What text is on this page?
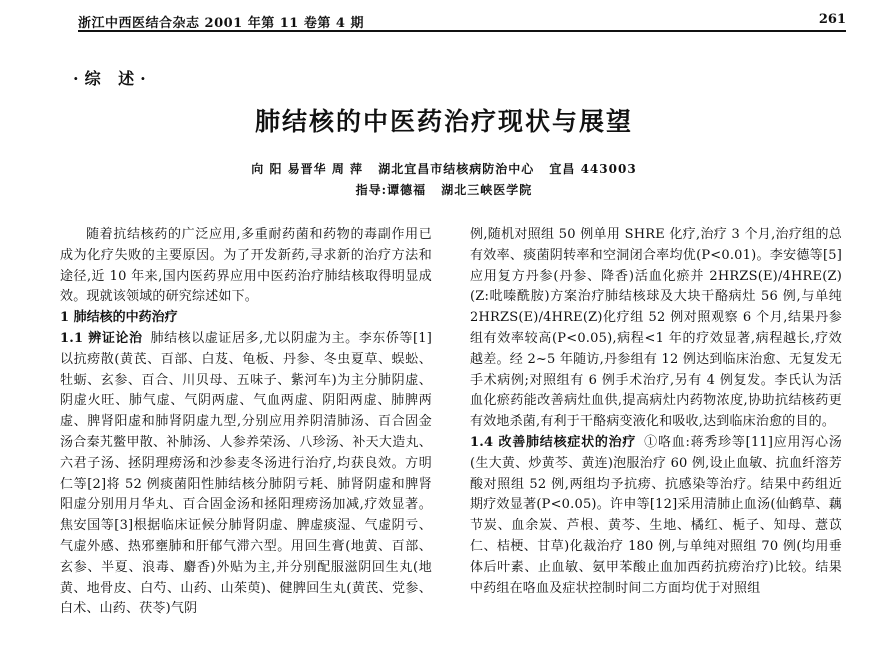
浙江中西医结合杂志 2001 年第 11 卷第 4 期	261
·综 述·
肺结核的中医药治疗现状与展望
向 阳 易晋华 周 萍 湖北宜昌市结核病防治中心 宜昌 443003
指导:谭德福 湖北三峡医学院

随着抗结核药的广泛应用,多重耐药菌和药物的毒副作用已成为化疗失败的主要原因。为了开发新药,寻求新的治疗方法和途径,近 10 年来,国内医药界应用中医药治疗肺结核取得明显成效。现就该领域的研究综述如下。

1 肺结核的中药治疗

1.1 辨证论治 肺结核以虚证居多,尤以阴虚为主。李东侨等[1]以抗痨散(黄芪、百部、白芨、龟板、丹参、冬虫夏草、蜈蚣、牡蛎、玄参、百合、川贝母、五味子、紫河车)为主分肺阴虚、阴虚火旺、肺气虚、气阴两虚、气血两虚、阴阳两虚、肺脾两虚、脾肾阳虚和肺肾阴虚九型,分别应用养阴清肺汤、百合固金汤合秦艽鳖甲散、补肺汤、人参养荣汤、八珍汤、补天大造丸、六君子汤、拯阴理痨汤和沙参麦冬汤进行治疗,均获良效。方明仁等[2]将 52 例痰菌阳性肺结核分肺阴亏耗、肺肾阴虚和脾肾阳虚分别用月华丸、百合固金汤和拯阳理痨汤加减,疗效显著。焦安国等[3]根据临床证候分肺肾阴虚、脾虚痰湿、气虚阴亏、气虚外感、热邪壅肺和肝郁气滞六型。用回生膏(地黄、百部、玄参、半夏、浪毒、麝香)外贴为主,并分别配服滋阴回生丸(地黄、地骨皮、白芍、山药、山茱萸)、健脾回生丸(黄芪、党参、白术、山药、茯苓)气阴

例,随机对照组 50 例单用 SHRE 化疗,治疗 3 个月,治疗组的总有效率、痰菌阴转率和空洞闭合率均优(P<0.01)。李安德等[5]应用复方丹参(丹参、降香)活血化瘀并 2HRZS(E)/4HRE(Z)(Z:吡嗪酰胺)方案治疗肺结核球及大块干酪病灶 56 例,与单纯 2HRZS(E)/4HRE(Z)化疗组 52 例对照观察 6 个月,结果丹参组有效率较高(P<0.05),病程<1 年的疗效显著,病程越长,疗效越差。经 2~5 年随访,丹参组有 12 例达到临床治愈、无复发无手术病例;对照组有 6 例手术治疗,另有 4 例复发。李氏认为活血化瘀药能改善病灶血供,提高病灶内药物浓度,协助抗结核药更有效地杀菌,有利于干酪病变液化和吸收,达到临床治愈的目的。

1.4 改善肺结核症状的治疗 ①咯血:蒋秀珍等[11]应用泻心汤(生大黄、炒黄芩、黄连)泡服治疗 60 例,设止血敏、抗血纤溶芳酸对照组 52 例,两组均予抗痨、抗感染等治疗。结果中药组近期疗效显著(P<0.05)。许申等[12]采用清肺止血汤(仙鹤草、藕节炭、血余炭、芦根、黄芩、生地、橘红、栀子、知母、薏苡仁、桔梗、甘草)化裁治疗 180 例,与单纯对照组 70 例(均用垂体后叶素、止血敏、氨甲苯酸止血加西药抗痨治疗)比较。结果中药组在咯血及症状控制时间二方面均优于对照组
